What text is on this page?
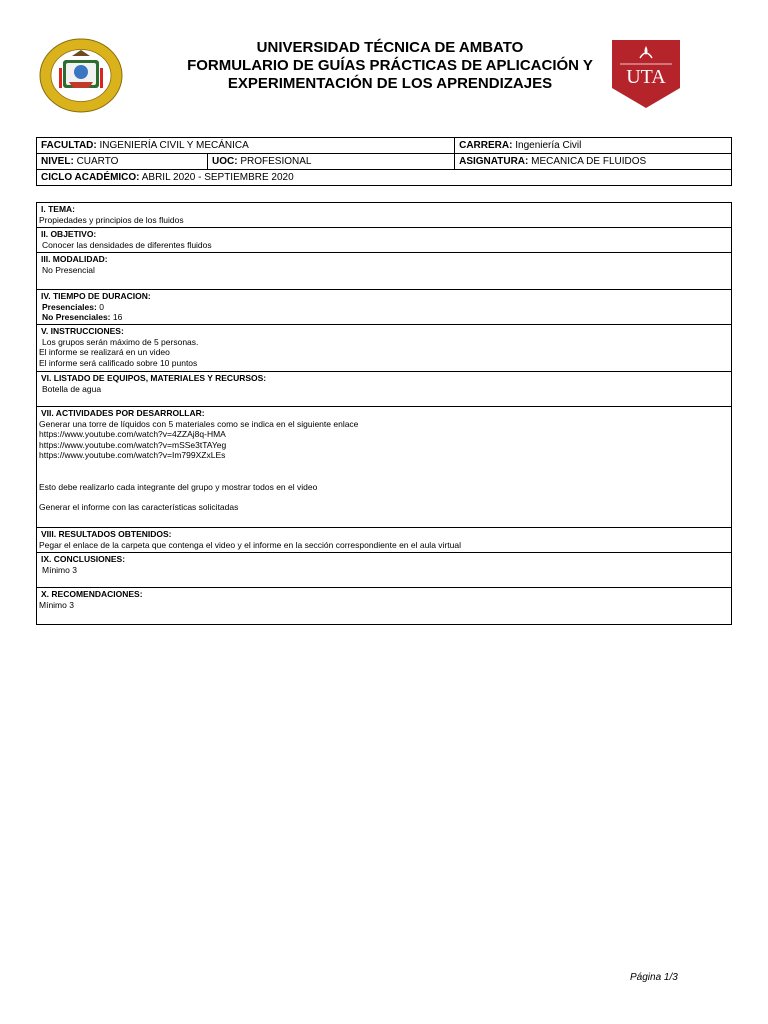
UNIVERSIDAD TÉCNICA DE AMBATO
FORMULARIO DE GUÍAS PRÁCTICAS DE APLICACIÓN Y
EXPERIMENTACIÓN DE LOS APRENDIZAJES	UTA
FACULTAD: INGENIERÍA CIVIL Y MECÁNICA		CARRERA: Ingeniería Civil
NIVEL: CUARTO	UOC: PROFESIONAL	ASIGNATURA: MECANICA DE FLUIDOS
CICLO ACADÉMICO: ABRIL 2020 - SEPTIEMBRE 2020		
I. TEMA:
Propiedades y principios de los fluidos
II. OBJETIVO:
Conocer las densidades de diferentes fluidos
III. MODALIDAD:
No Presencial
IV. TIEMPO DE DURACION:
Presenciales: 0
No Presenciales: 16
V. INSTRUCCIONES:
Los grupos serán máximo de 5 personas.
El informe se realizará en un video
El informe será calificado sobre 10 puntos
VI. LISTADO DE EQUIPOS, MATERIALES Y RECURSOS:
Botella de agua
VII. ACTIVIDADES POR DESARROLLAR:
Generar una torre de líquidos con 5 materiales como se indica en el siguiente enlace
https://www.youtube.com/watch?v=4ZZAj8q-HMA
https://www.youtube.com/watch?v=mSSe3tTAYeg
https://www.youtube.com/watch?v=Im799XZxLEs
Esto debe realizarlo cada integrante del grupo y mostrar todos en el video
Generar el informe con las características solicitadas
VIII. RESULTADOS OBTENIDOS:
Pegar el enlace de la carpeta que contenga el video y el informe en la sección correspondiente en el aula virtual
IX. CONCLUSIONES:
Mínimo 3
X. RECOMENDACIONES:
Mínimo 3
Página 1/3
